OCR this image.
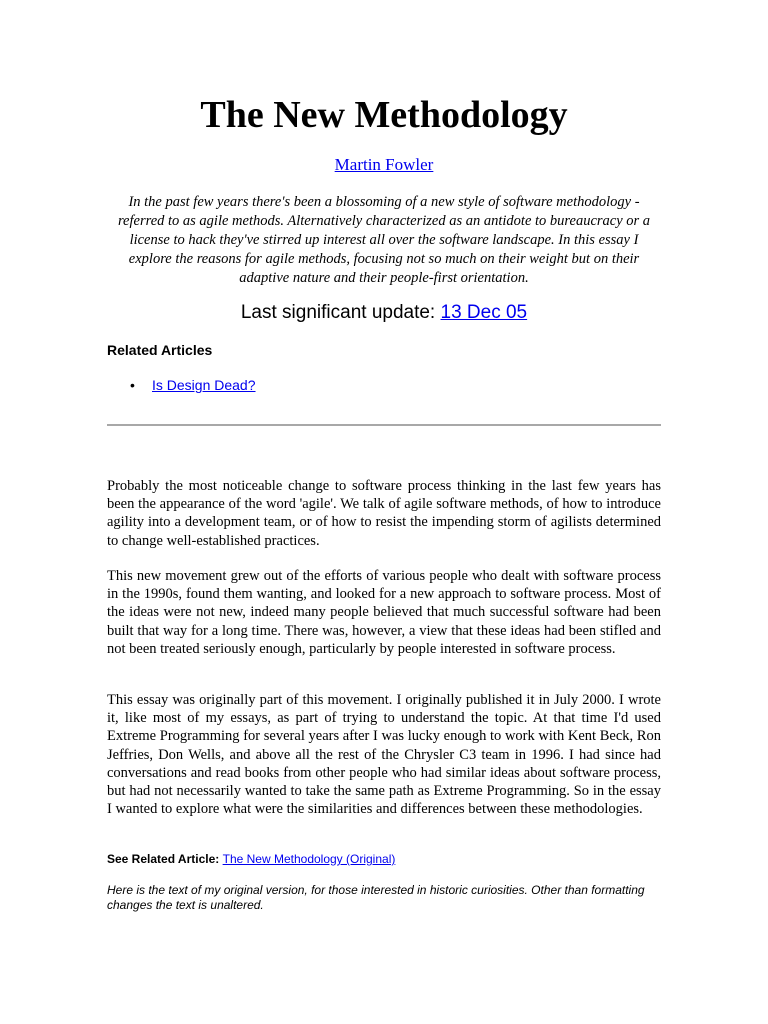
The New Methodology
Martin Fowler

In the past few years there's been a blossoming of a new style of software methodology - referred to as agile methods. Alternatively characterized as an antidote to bureaucracy or a license to hack they've stirred up interest all over the software landscape. In this essay I explore the reasons for agile methods, focusing not so much on their weight but on their adaptive nature and their people-first orientation.

Last significant update: 13 Dec 05
Related Articles
• Is Design Dead?

Probably the most noticeable change to software process thinking in the last few years has been the appearance of the word 'agile'. We talk of agile software methods, of how to introduce agility into a development team, or of how to resist the impending storm of agilists determined to change well-established practices.

This new movement grew out of the efforts of various people who dealt with software process in the 1990s, found them wanting, and looked for a new approach to software process. Most of the ideas were not new, indeed many people believed that much successful software had been built that way for a long time. There was, however, a view that these ideas had been stifled and not been treated seriously enough, particularly by people interested in software process.

This essay was originally part of this movement. I originally published it in July 2000. I wrote it, like most of my essays, as part of trying to understand the topic. At that time I'd used Extreme Programming for several years after I was lucky enough to work with Kent Beck, Ron Jeffries, Don Wells, and above all the rest of the Chrysler C3 team in 1996. I had since had conversations and read books from other people who had similar ideas about software process, but had not necessarily wanted to take the same path as Extreme Programming. So in the essay I wanted to explore what were the similarities and differences between these methodologies.

See Related Article: The New Methodology (Original)

Here is the text of my original version, for those interested in historic curiosities. Other than formatting changes the text is unaltered.
